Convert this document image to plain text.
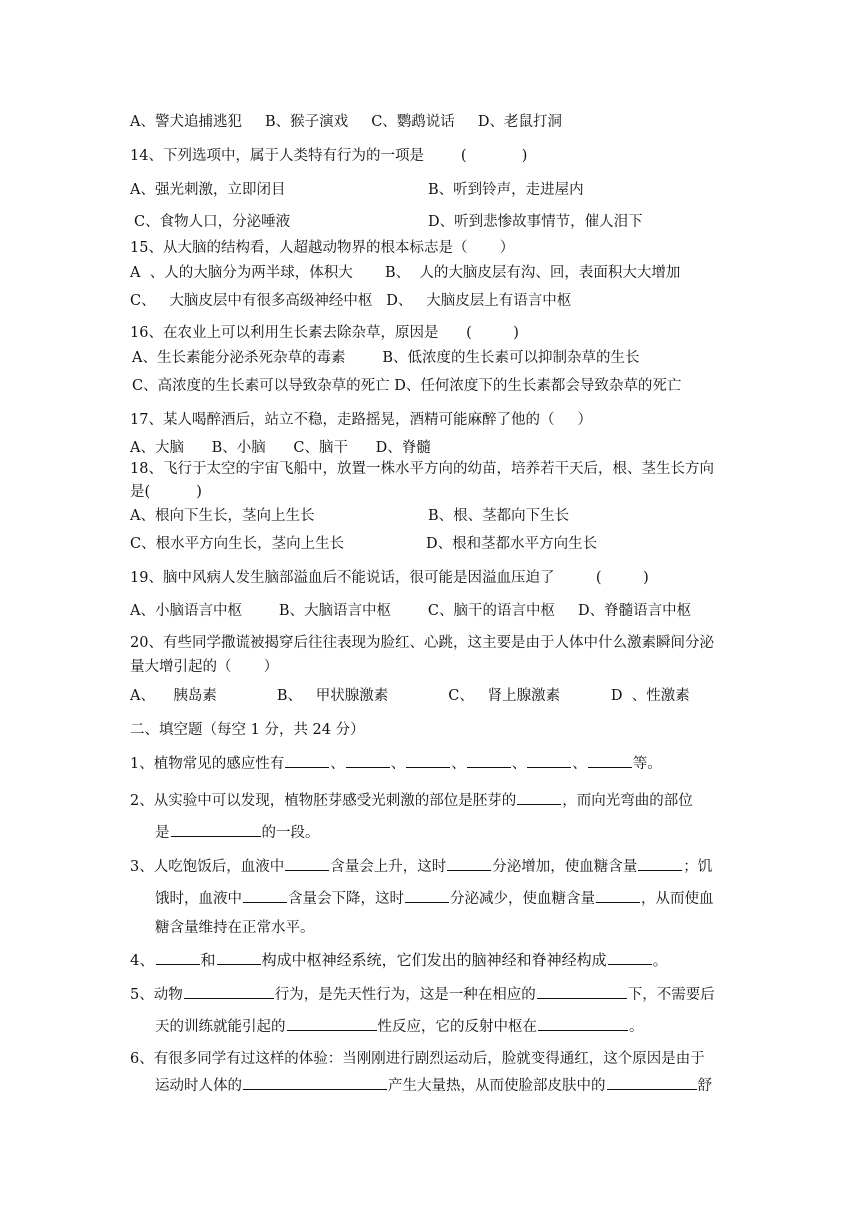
A、警犬追捕逃犯     B、猴子演戏     C、鹦鹉说话     D、老鼠打洞
14、下列选项中，属于人类特有行为的一项是        (            )
A、强光刺激，立即闭目	B、听到铃声，走进屋内
C、食物人口，分泌唾液	D、听到悲惨故事情节，催人泪下
15、从大脑的结构看，人超越动物界的根本标志是（       ）
A  、人的大脑分为两半球，体积大       B、  人的大脑皮层有沟、回，表面积大大增加
C、   大脑皮层中有很多高级神经中枢   D、   大脑皮层上有语言中枢
16、在农业上可以利用生长素去除杂草，原因是      (         )
A、生长素能分泌杀死杂草的毒素        B、低浓度的生长素可以抑制杂草的生长
C、高浓度的生长素可以导致杂草的死亡 D、任何浓度下的生长素都会导致杂草的死亡
17、某人喝醉酒后，站立不稳，走路摇晃，酒精可能麻醉了他的（     ）
A、大脑      B、小脑      C、脑干      D、脊髓
18、飞行于太空的宇宙飞船中，放置一株水平方向的幼苗，培养若干天后，根、茎生长方向
是(          )
A、根向下生长，茎向上生长	B、根、茎都向下生长
C、根水平方向生长，茎向上生长	D、根和茎都水平方向生长
19、脑中风病人发生脑部溢血后不能说话，很可能是因溢血压迫了         (         )
A、小脑语言中枢        B、大脑语言中枢        C、脑干的语言中枢     D、脊髓语言中枢
20、有些同学撒谎被揭穿后往往表现为脸红、心跳，这主要是由于人体中什么激素瞬间分泌
量大增引起的（       ）
A、    胰岛素             B、   甲状腺激素             C、   肾上腺激素           D  、性激素
二、填空题（每空 1 分，共 24 分）
1、植物常见的感应性有	、	、	、	、	、	等。
2、从实验中可以发现，植物胚芽感受光刺激的部位是胚芽的	，而向光弯曲的部位
是	的一段。
3、人吃饱饭后，血液中	含量会上升，这时	分泌增加，使血糖含量	；饥
饿时，血液中	含量会下降，这时	分泌减少，使血糖含量	，从而使血
糖含量维持在正常水平。
4、	和	构成中枢神经系统，它们发出的脑神经和脊神经构成	。
5、动物	行为，是先天性行为，这是一种在相应的	下，不需要后
天的训练就能引起的	性反应，它的反射中枢在	。
6、有很多同学有过这样的体验：当刚刚进行剧烈运动后，脸就变得通红，这个原因是由于
运动时人体的	产生大量热，从而使脸部皮肤中的	舒
